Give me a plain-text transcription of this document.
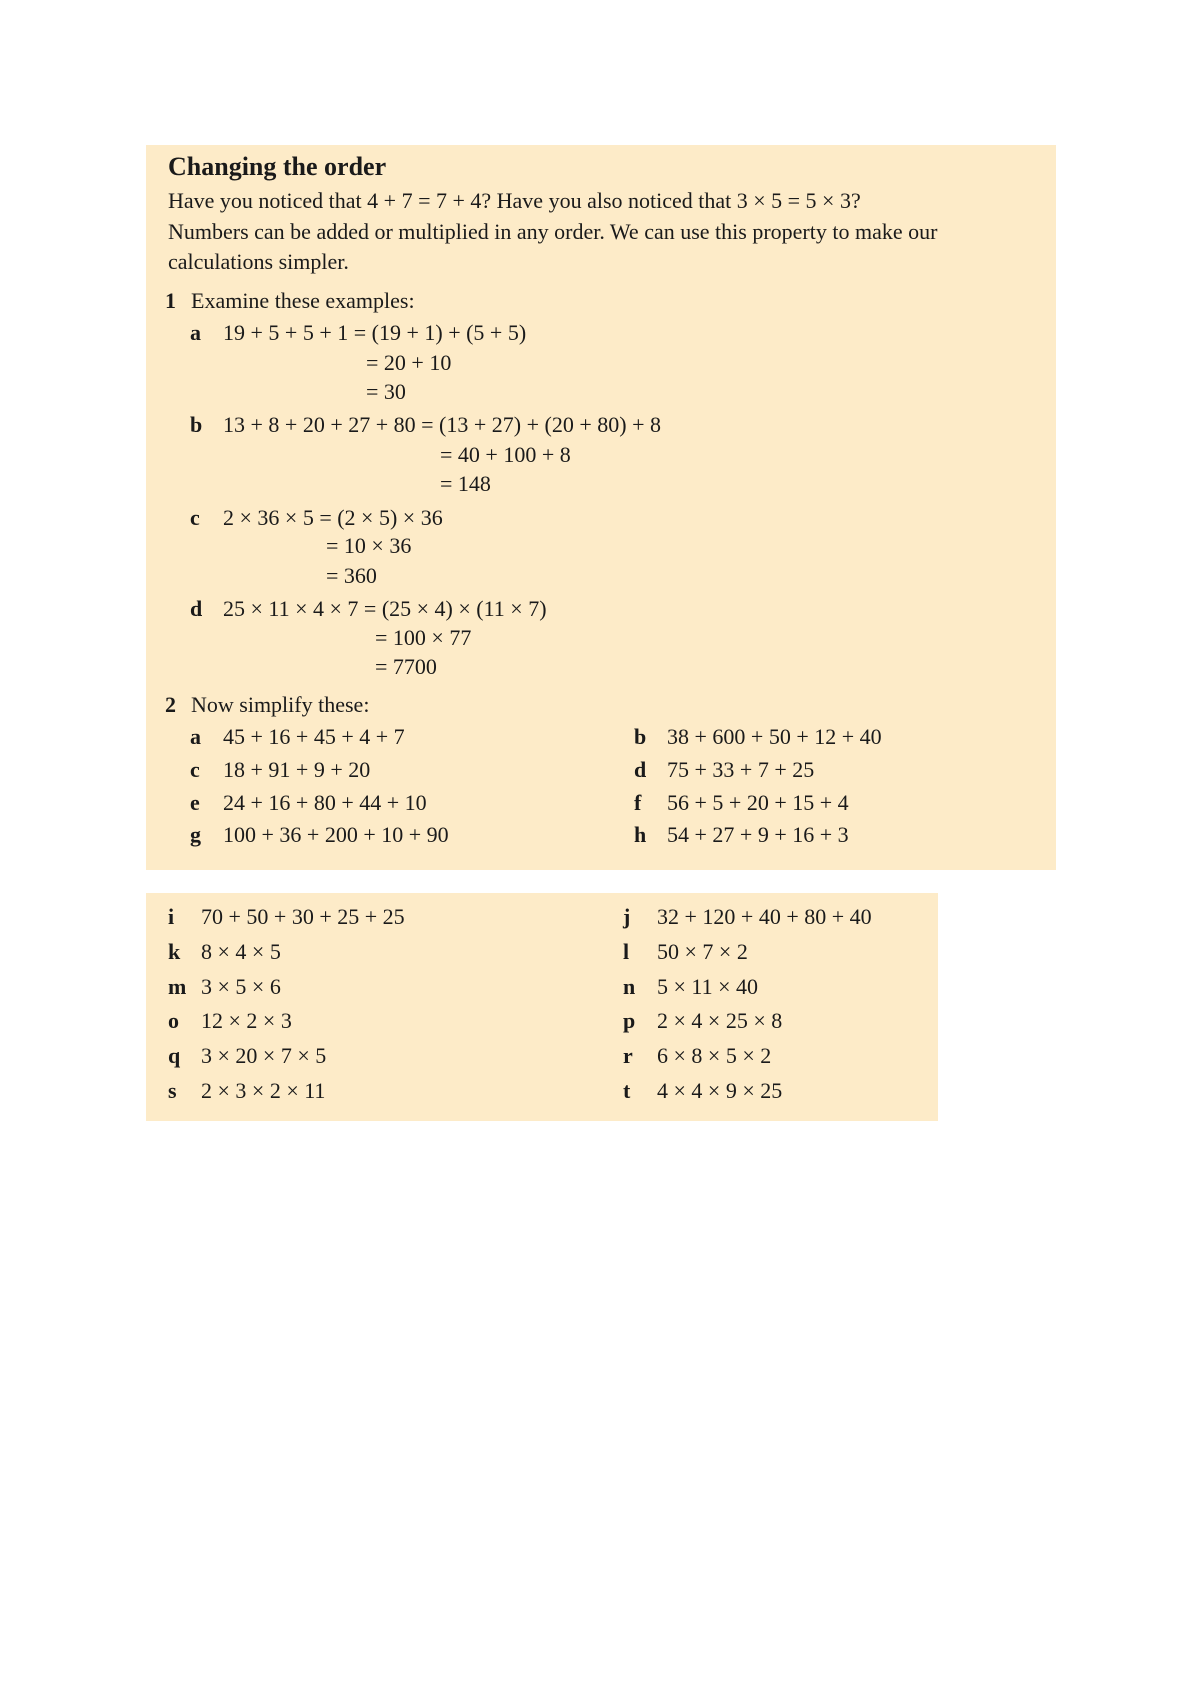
Changing the order
Have you noticed that 4 + 7 = 7 + 4? Have you also noticed that 3 × 5 = 5 × 3?
Numbers can be added or multiplied in any order. We can use this property to make our
calculations simpler.
1 Examine these examples:
a 19 + 5 + 5 + 1 = (19 + 1) + (5 + 5)
= 20 + 10
= 30
b 13 + 8 + 20 + 27 + 80 = (13 + 27) + (20 + 80) + 8
= 40 + 100 + 8
= 148
c 2 × 36 × 5 = (2 × 5) × 36
= 10 × 36
= 360
d 25 × 11 × 4 × 7 = (25 × 4) × (11 × 7)
= 100 × 77
= 7700
2 Now simplify these:
a 45 + 16 + 45 + 4 + 7	b 38 + 600 + 50 + 12 + 40
c 18 + 91 + 9 + 20	d 75 + 33 + 7 + 25
e 24 + 16 + 80 + 44 + 10	f 56 + 5 + 20 + 15 + 4
g 100 + 36 + 200 + 10 + 90	h 54 + 27 + 9 + 16 + 3
i 70 + 50 + 30 + 25 + 25	j 32 + 120 + 40 + 80 + 40
k 8 × 4 × 5	l 50 × 7 × 2
m 3 × 5 × 6	n 5 × 11 × 40
o 12 × 2 × 3	p 2 × 4 × 25 × 8
q 3 × 20 × 7 × 5	r 6 × 8 × 5 × 2
s 2 × 3 × 2 × 11	t 4 × 4 × 9 × 25
